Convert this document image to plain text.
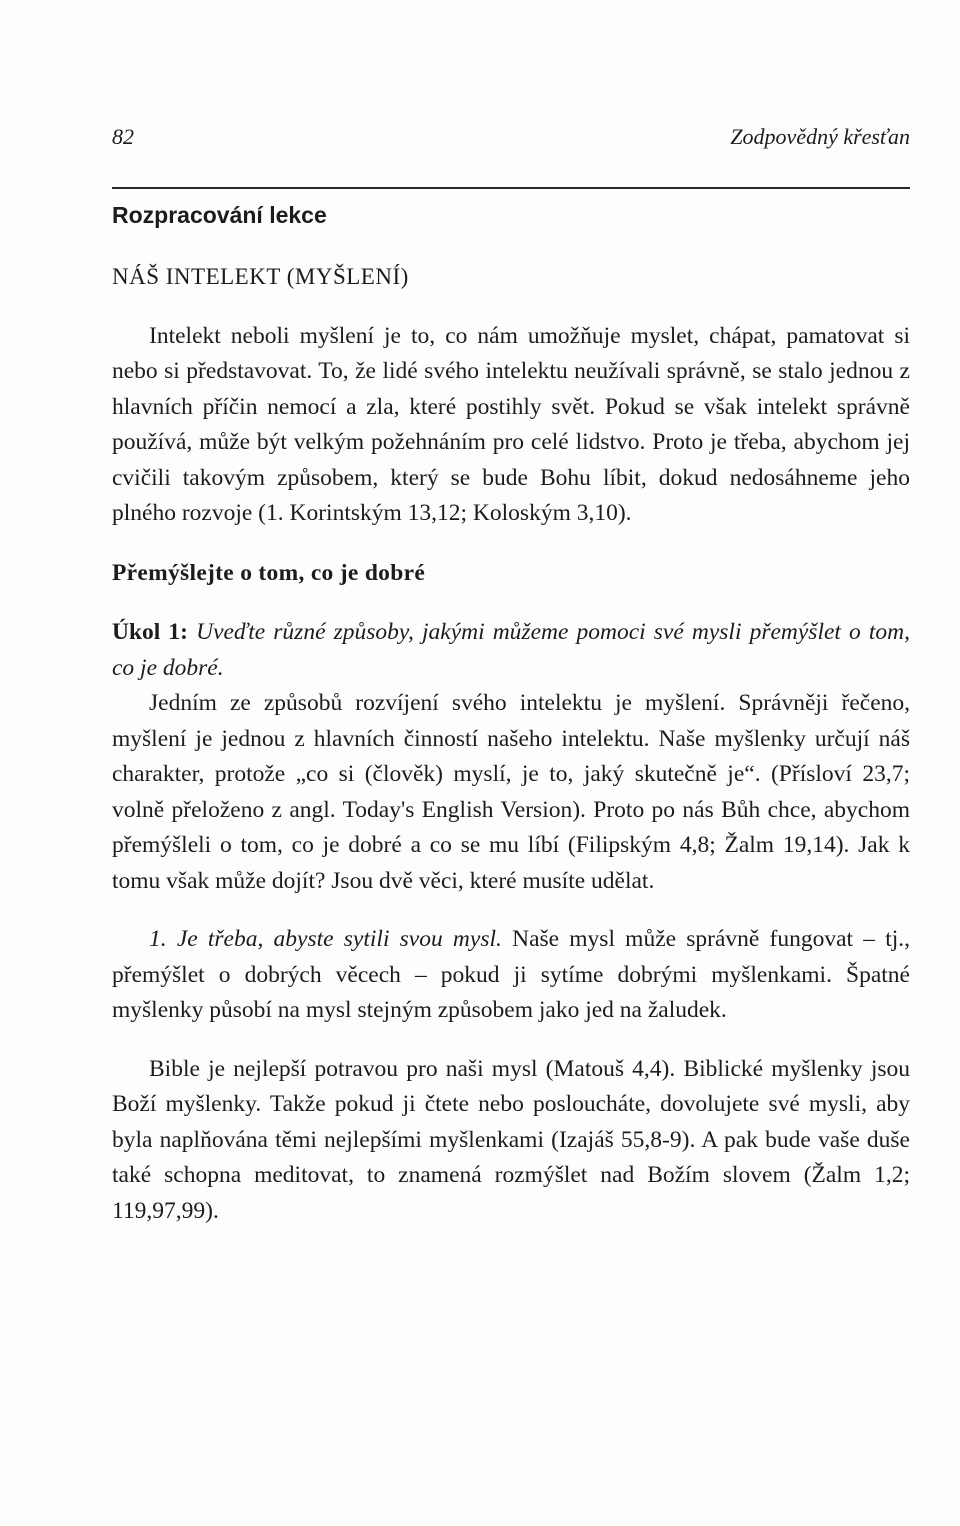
82	Zodpovědný křesťan
Rozpracování lekce
NÁŠ INTELEKT (MYŠLENÍ)

Intelekt neboli myšlení je to, co nám umožňuje myslet, chápat, pamatovat si nebo si představovat. To, že lidé svého intelektu neužívali správně, se stalo jednou z hlavních příčin nemocí a zla, které postihly svět. Pokud se však intelekt správně používá, může být velkým požehnáním pro celé lidstvo. Proto je třeba, abychom jej cvičili takovým způsobem, který se bude Bohu líbit, dokud nedosáhneme jeho plného rozvoje (1. Korintským 13,12; Koloským 3,10).

Přemýšlejte o tom, co je dobré

Úkol 1: Uveďte různé způsoby, jakými můžeme pomoci své mysli přemýšlet o tom, co je dobré.

Jedním ze způsobů rozvíjení svého intelektu je myšlení. Správněji řečeno, myšlení je jednou z hlavních činností našeho intelektu. Naše myšlenky určují náš charakter, protože „co si (člověk) myslí, je to, jaký skutečně je“. (Přísloví 23,7; volně přeloženo z angl. Today's English Version). Proto po nás Bůh chce, abychom přemýšleli o tom, co je dobré a co se mu líbí (Filipským 4,8; Žalm 19,14). Jak k tomu však může dojít? Jsou dvě věci, které musíte udělat.

1. Je třeba, abyste sytili svou mysl. Naše mysl může správně fungovat – tj., přemýšlet o dobrých věcech – pokud ji sytíme dobrými myšlenkami. Špatné myšlenky působí na mysl stejným způsobem jako jed na žaludek.

Bible je nejlepší potravou pro naši mysl (Matouš 4,4). Biblické myšlenky jsou Boží myšlenky. Takže pokud ji čtete nebo posloucháte, dovolujete své mysli, aby byla naplňována těmi nejlepšími myšlenkami (Izajáš 55,8-9). A pak bude vaše duše také schopna meditovat, to znamená rozmýšlet nad Božím slovem (Žalm 1,2; 119,97,99).
